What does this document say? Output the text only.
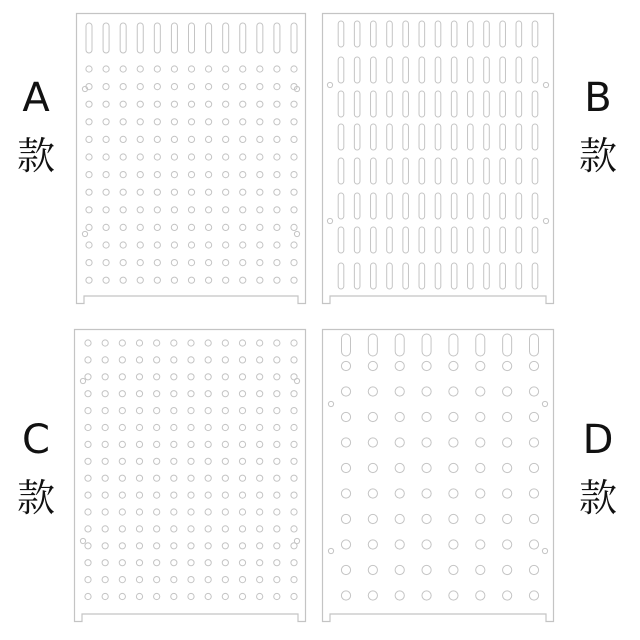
A
款
B
款
C
款
D
款
